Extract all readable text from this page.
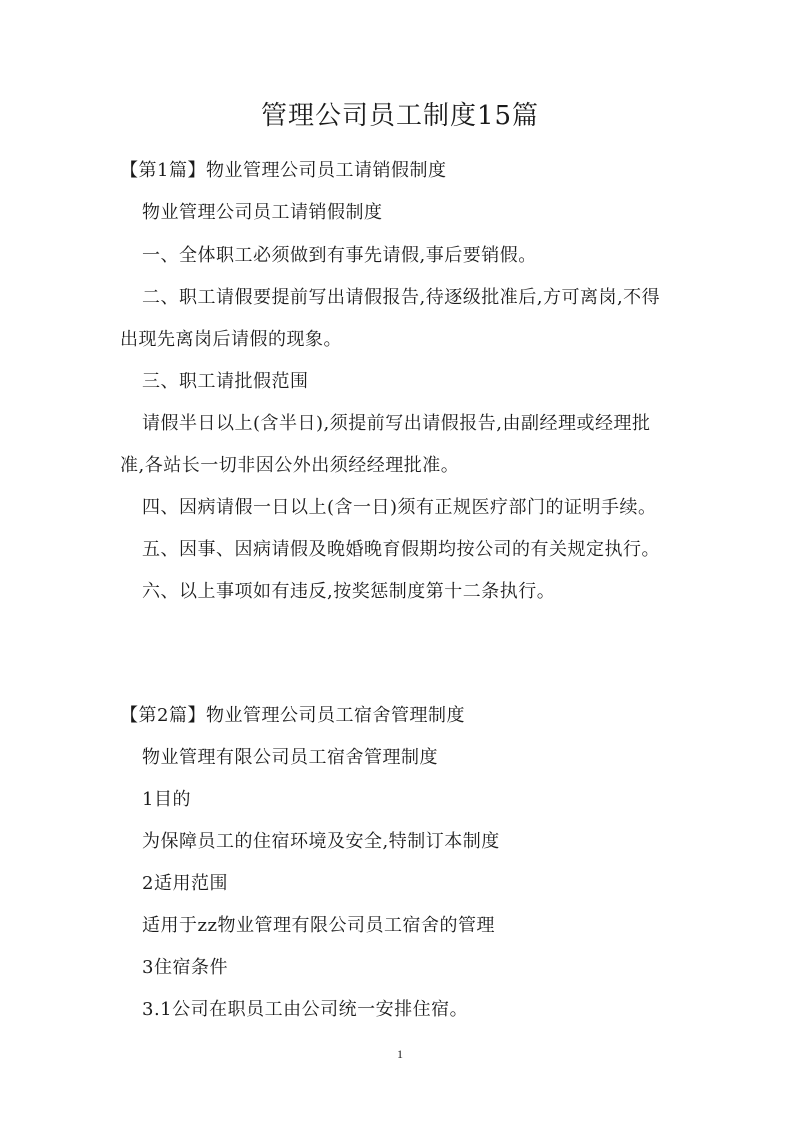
管理公司员工制度15篇
【第1篇】物业管理公司员工请销假制度
物业管理公司员工请销假制度
一、全体职工必须做到有事先请假,事后要销假。
二、职工请假要提前写出请假报告,待逐级批准后,方可离岗,不得
出现先离岗后请假的现象。
三、职工请批假范围
请假半日以上(含半日),须提前写出请假报告,由副经理或经理批
准,各站长一切非因公外出须经经理批准。
四、因病请假一日以上(含一日)须有正规医疗部门的证明手续。
五、因事、因病请假及晚婚晚育假期均按公司的有关规定执行。
六、以上事项如有违反,按奖惩制度第十二条执行。
【第2篇】物业管理公司员工宿舍管理制度
物业管理有限公司员工宿舍管理制度
1目的
为保障员工的住宿环境及安全,特制订本制度
2适用范围
适用于zz物业管理有限公司员工宿舍的管理
3住宿条件
3.1公司在职员工由公司统一安排住宿。
1
